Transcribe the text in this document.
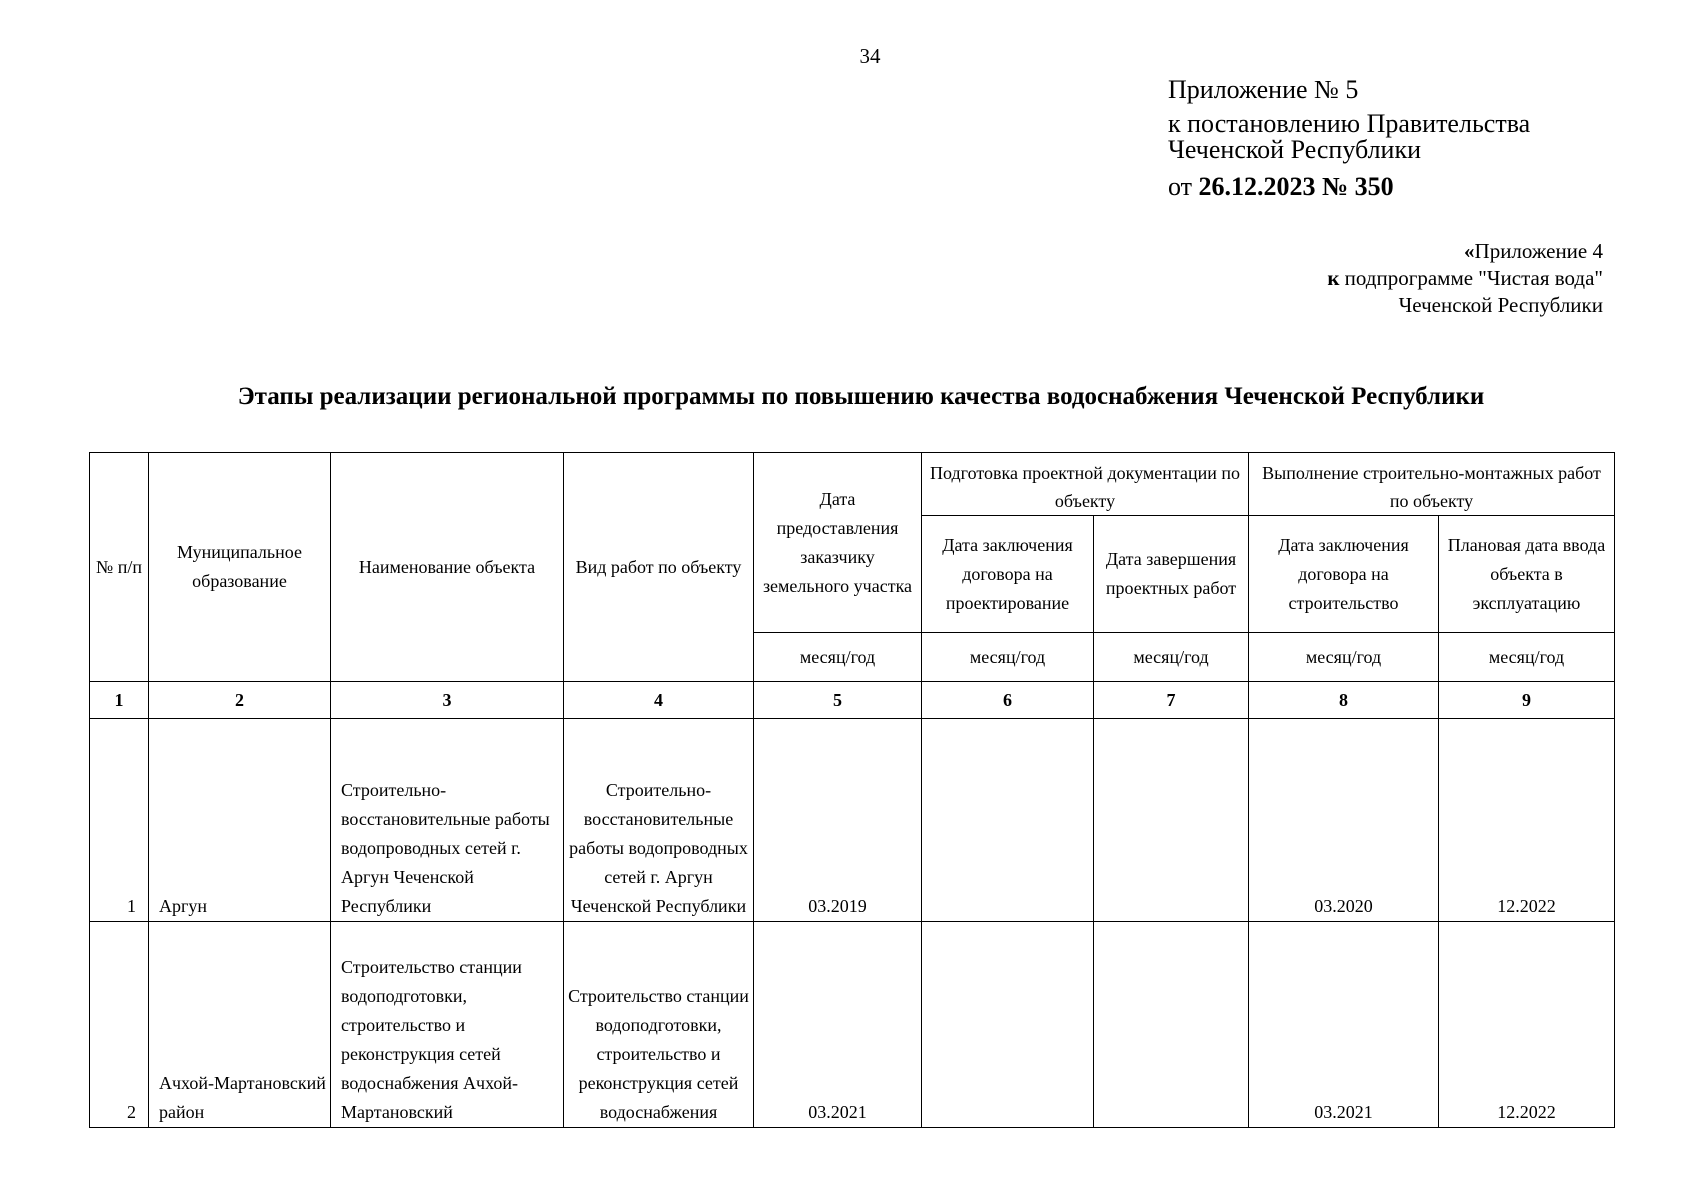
34
Приложение № 5
к постановлению Правительства
Чеченской Республики
от 26.12.2023 № 350
«Приложение 4
к подпрограмме "Чистая вода"
Чеченской Республики
Этапы реализации региональной программы по повышению качества водоснабжения Чеченской Республики
№ п/п	Муниципальное образование	Наименование объекта	Вид работ по объекту	Дата предоставления заказчику земельного участка	Подготовка проектной документации по объекту		Выполнение строительно-монтажных работ по объекту	
					Дата заключения договора на проектирование	Дата завершения проектных работ	Дата заключения договора на строительство	Плановая дата ввода объекта в эксплуатацию
				месяц/год	месяц/год	месяц/год	месяц/год	месяц/год
1	2	3	4	5	6	7	8	9
1	Аргун	Строительно-восстановительные работы водопроводных сетей г. Аргун Чеченской Республики	Строительно-восстановительные работы водопроводных сетей г. Аргун Чеченской Республики	03.2019			03.2020	12.2022
2	Ачхой-Мартановский район	Строительство станции водоподготовки, строительство и реконструкция сетей водоснабжения Ачхой-Мартановский	Строительство станции водоподготовки, строительство и реконструкция сетей водоснабжения	03.2021			03.2021	12.2022
